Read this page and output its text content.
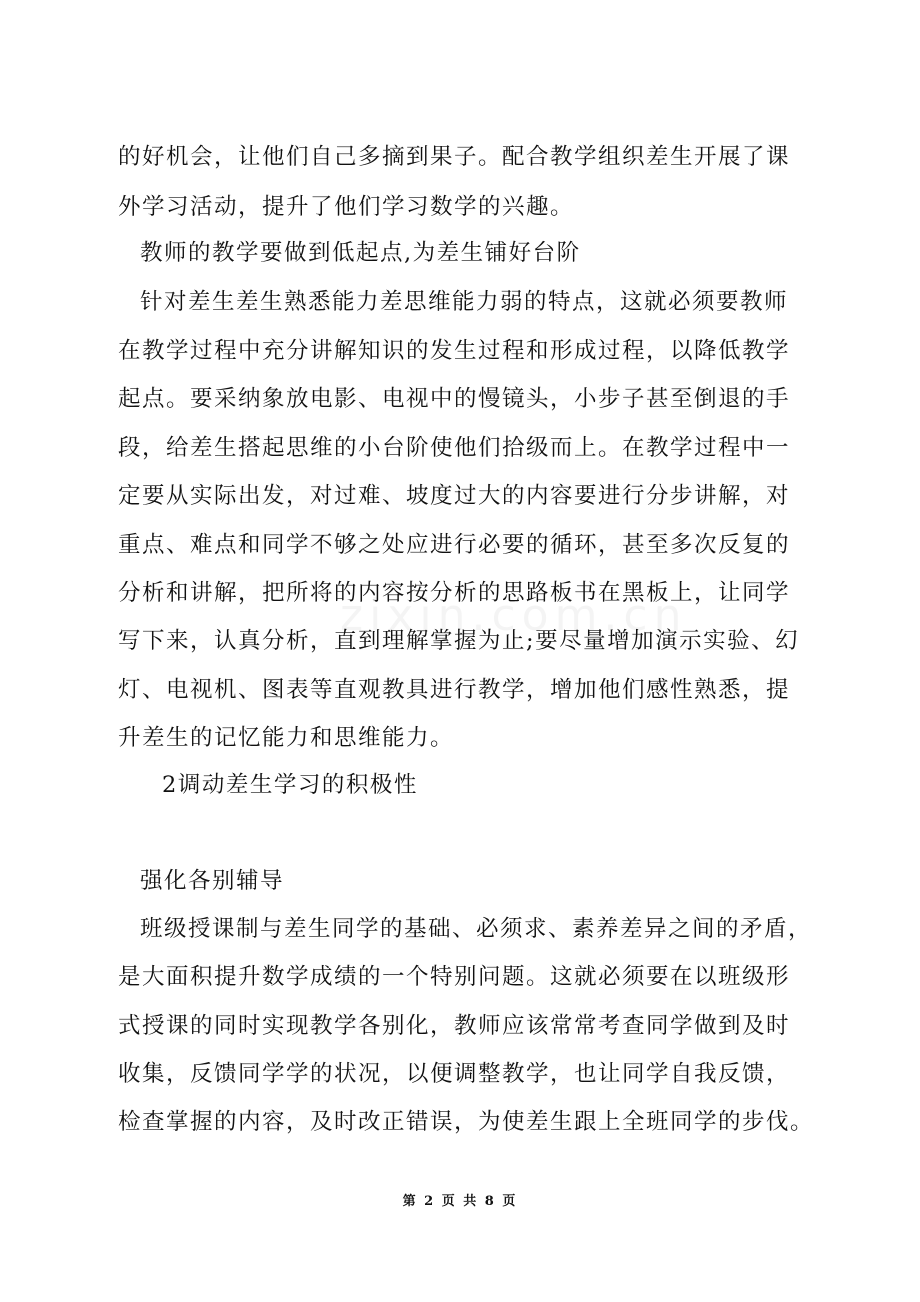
的好机会，让他们自己多摘到果子。配合教学组织差生开展了课
外学习活动，提升了他们学习数学的兴趣。
教师的教学要做到低起点,为差生铺好台阶
针对差生差生熟悉能力差思维能力弱的特点，这就必须要教师
在教学过程中充分讲解知识的发生过程和形成过程，以降低教学
起点。要采纳象放电影、电视中的慢镜头，小步子甚至倒退的手
段，给差生搭起思维的小台阶使他们拾级而上。在教学过程中一
定要从实际出发，对过难、坡度过大的内容要进行分步讲解，对
重点、难点和同学不够之处应进行必要的循环，甚至多次反复的
分析和讲解，把所将的内容按分析的思路板书在黑板上，让同学
写下来，认真分析，直到理解掌握为止;要尽量增加演示实验、幻
灯、电视机、图表等直观教具进行教学，增加他们感性熟悉，提
升差生的记忆能力和思维能力。
2调动差生学习的积极性
强化各别辅导
班级授课制与差生同学的基础、必须求、素养差异之间的矛盾，
是大面积提升数学成绩的一个特别问题。这就必须要在以班级形
式授课的同时实现教学各别化，教师应该常常考查同学做到及时
收集，反馈同学学的状况，以便调整教学，也让同学自我反馈，
检查掌握的内容，及时改正错误，为使差生跟上全班同学的步伐。
第 2 页 共 8 页
